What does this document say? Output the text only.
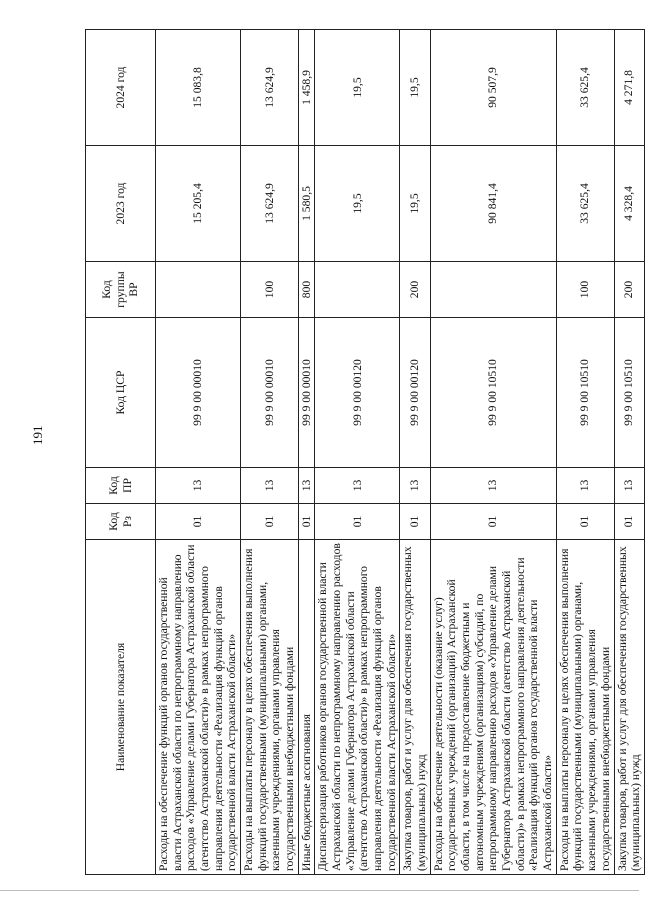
191
Наименование показателя	Код Рз	Код ПР	Код ЦСР	Код группы ВР	2023 год	2024 год
Расходы на обеспечение функций органов государственной власти Астраханской области по непрограммному направлению расходов «Управление делами Губернатора Астраханской области (агентство Астраханской области)» в рамках непрограммного направления деятельности «Реализация функций органов государственной власти Астраханской области»	01	13	99 9 00 00010		15 205,4	15 083,8
Расходы на выплаты персоналу в целях обеспечения выполнения функций государственными (муниципальными) органами, казенными учреждениями, органами управления государственными внебюджетными фондами	01	13	99 9 00 00010	100	13 624,9	13 624,9
Иные бюджетные ассигнования	01	13	99 9 00 00010	800	1 580,5	1 458,9
Диспансеризация работников органов государственной власти Астраханской области по непрограммному направлению расходов «Управление делами Губернатора Астраханской области (агентство Астраханской области)» в рамках непрограммного направления деятельности «Реализация функций органов государственной власти Астраханской области»	01	13	99 9 00 00120		19,5	19,5
Закупка товаров, работ и услуг для обеспечения государственных (муниципальных) нужд	01	13	99 9 00 00120	200	19,5	19,5
Расходы на обеспечение деятельности (оказание услуг) государственных учреждений (организаций) Астраханской области, в том числе на предоставление бюджетным и автономным учреждениям (организациям) субсидий, по непрограммному направлению расходов «Управление делами Губернатора Астраханской области (агентство Астраханской области)» в рамках непрограммного направления деятельности «Реализация функций органов государственной власти Астраханской области»	01	13	99 9 00 10510		90 841,4	90 507,9
Расходы на выплаты персоналу в целях обеспечения выполнения функций государственными (муниципальными) органами, казенными учреждениями, органами управления государственными внебюджетными фондами	01	13	99 9 00 10510	100	33 625,4	33 625,4
Закупка товаров, работ и услуг для обеспечения государственных (муниципальных) нужд	01	13	99 9 00 10510	200	4 328,4	4 271,8
